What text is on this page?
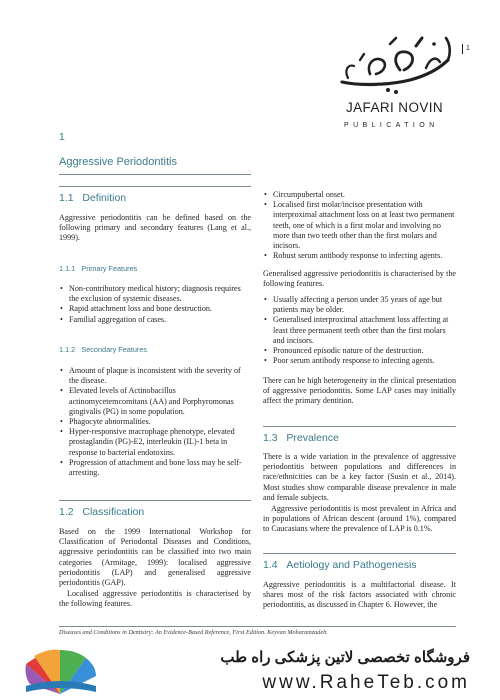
JAFARI NOVIN
PUBLICATION
1
1
Aggressive Periodontitis
1.1 Definition
Aggressive periodontitis can be defined based on the following primary and secondary features (Lang et al., 1999).
1.1.1 Primary Features
• Non-contributory medical history; diagnosis requires the exclusion of systemic diseases.
• Rapid attachment loss and bone destruction.
• Familial aggregation of cases.
1.1.2 Secondary Features
• Amount of plaque is inconsistent with the severity of the disease.
• Elevated levels of Actinobacillus actinomycetemcomitans (AA) and Porphyromonas gingivalis (PG) in some population.
• Phagocyte abnormalities.
• Hyper-responsive macrophage phenotype, elevated prostaglandin (PG)-E2, interleukin (IL)-1 beta in response to bacterial endotoxins.
• Progression of attachment and bone loss may be self-arresting.
1.2 Classification
Based on the 1999 International Workshop for Classification of Periodontal Diseases and Conditions, aggressive periodontitis can be classified into two main categories (Armitage, 1999): localised aggressive periodontitis (LAP) and generalised aggressive periodontitis (GAP).
Localised aggressive periodontitis is characterised by the following features.
• Circumpubertal onset.
• Localised first molar/incisor presentation with interproximal attachment loss on at least two permanent teeth, one of which is a first molar and involving no more than two teeth other than the first molars and incisors.
• Robust serum antibody response to infecting agents.
Generalised aggressive periodontitis is characterised by the following features.
• Usually affecting a person under 35 years of age but patients may be older.
• Generalised interproximal attachment loss affecting at least three permanent teeth other than the first molars and incisors.
• Pronounced episodic nature of the destruction.
• Poor serum antibody response to infecting agents.
There can be high heterogeneity in the clinical presentation of aggressive periodontitis. Some LAP cases may initially affect the primary dentition.
1.3 Prevalence
There is a wide variation in the prevalence of aggressive periodontitis between populations and differences in race/ethnicities can be a key factor (Susin et al., 2014). Most studies show comparable disease prevalence in male and female subjects.
Aggressive periodontitis is most prevalent in Africa and in populations of African descent (around 1%), compared to Caucasians where the prevalence of LAP is 0.1%.
1.4 Aetiology and Pathogenesis
Aggressive periodontitis is a multifactorial disease. It shares most of the risk factors associated with chronic periodontitis, as discussed in Chapter 6. However, the
Diseases and Conditions in Dentistry: An Evidence-Based Reference, First Edition. Keyvan Moharamzadeh.
فروشگاه تخصصی لاتین پزشکی راه طب
www.RaheTeb.com
